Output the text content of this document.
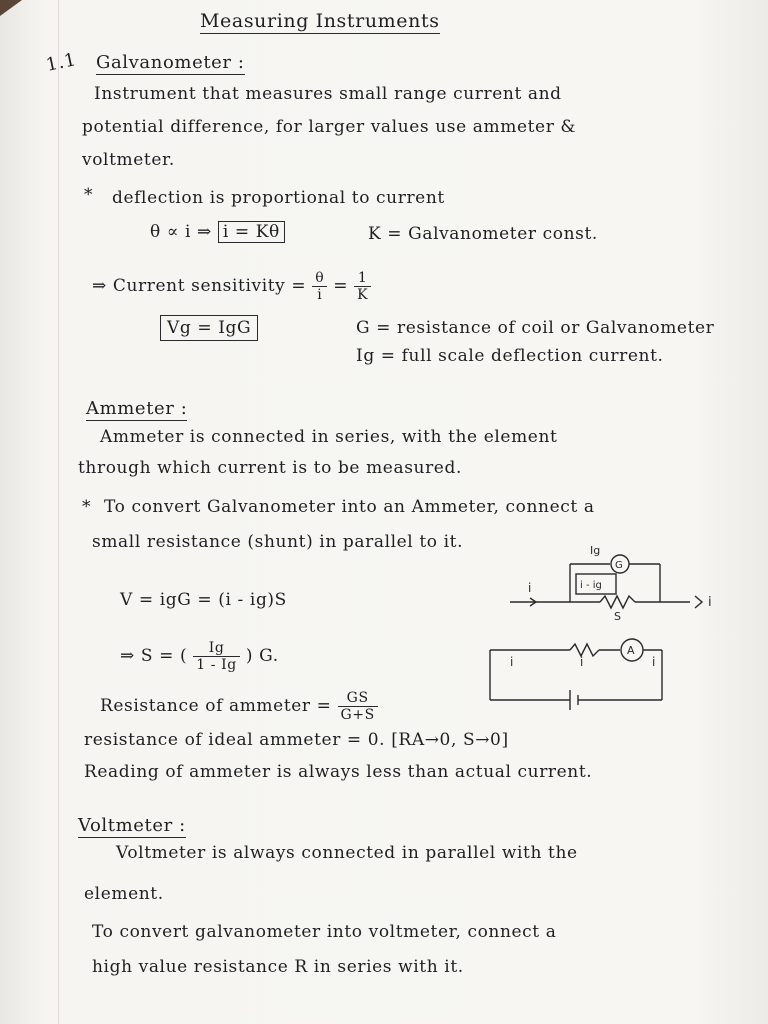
Measuring Instruments
1.1 Galvanometer :
Instrument that measures small range current and
potential difference, for larger values use ammeter &
voltmeter.
* deflection is proportional to current
θ ∝ i ⇒ i = Kθ	K = Galvanometer const.
⇒ Current sensitivity = $\frac{\theta}{i} = \frac{1}{K}$
Vg = IgG	G = resistance of coil or Galvanometer
Ig = full scale deflection current.
Ammeter :
Ammeter is connected in series, with the element
through which current is to be measured.
* To convert Galvanometer into an Ammeter, connect a
small resistance (shunt) in parallel to it.
V = igG = (i - ig)S
⇒ S = ( $\frac{Ig}{1 - Ig}$ ) G.
Resistance of ammeter = $\frac{GS}{G+S}$
resistance of ideal ammeter = 0. [RA→0, S→0]
Reading of ammeter is always less than actual current.
Ig
G
i
i
i - ig
S
A
i	i	i
Voltmeter :
Voltmeter is always connected in parallel with the
element.
To convert galvanometer into voltmeter, connect a
high value resistance R in series with it.
